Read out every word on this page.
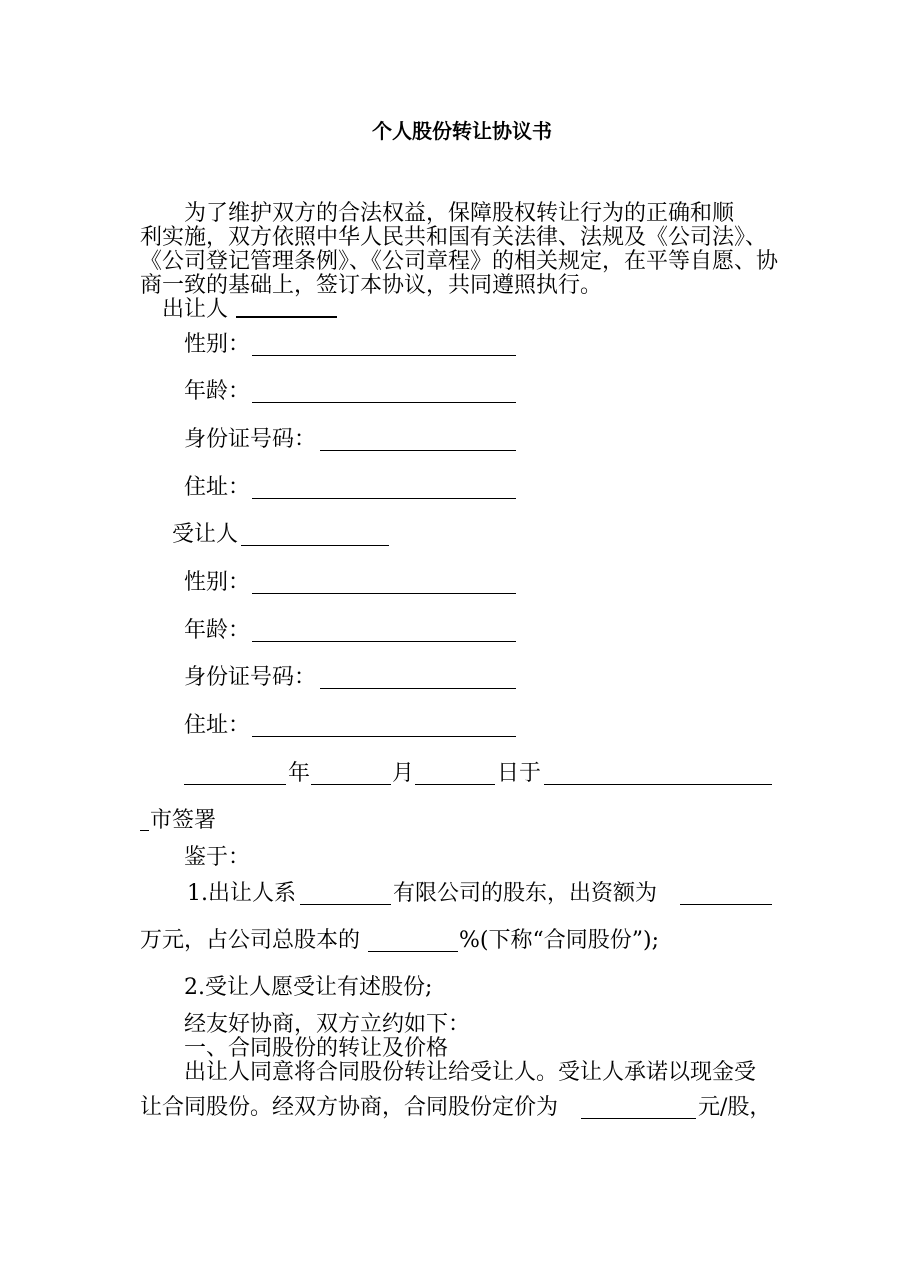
个人股份转让协议书
为了维护双方的合法权益，保障股权转让行为的正确和顺
利实施，双方依照中华人民共和国有关法律、法规及《公司法》、
《公司登记管理条例》、《公司章程》的相关规定，在平等自愿、协
商一致的基础上，签订本协议，共同遵照执行。
出让人
性别：
年龄：
身份证号码：
住址：
受让人
性别：
年龄：
身份证号码：
住址：
年	月	日于
市签署
鉴于：
1.出让人系	有限公司的股东，出资额为
万元，占公司总股本的	%(下称“合同股份”);
2.受让人愿受让有述股份;
经友好协商，双方立约如下：
一、合同股份的转让及价格
出让人同意将合同股份转让给受让人。受让人承诺以现金受
让合同股份。经双方协商，合同股份定价为	元/股，
